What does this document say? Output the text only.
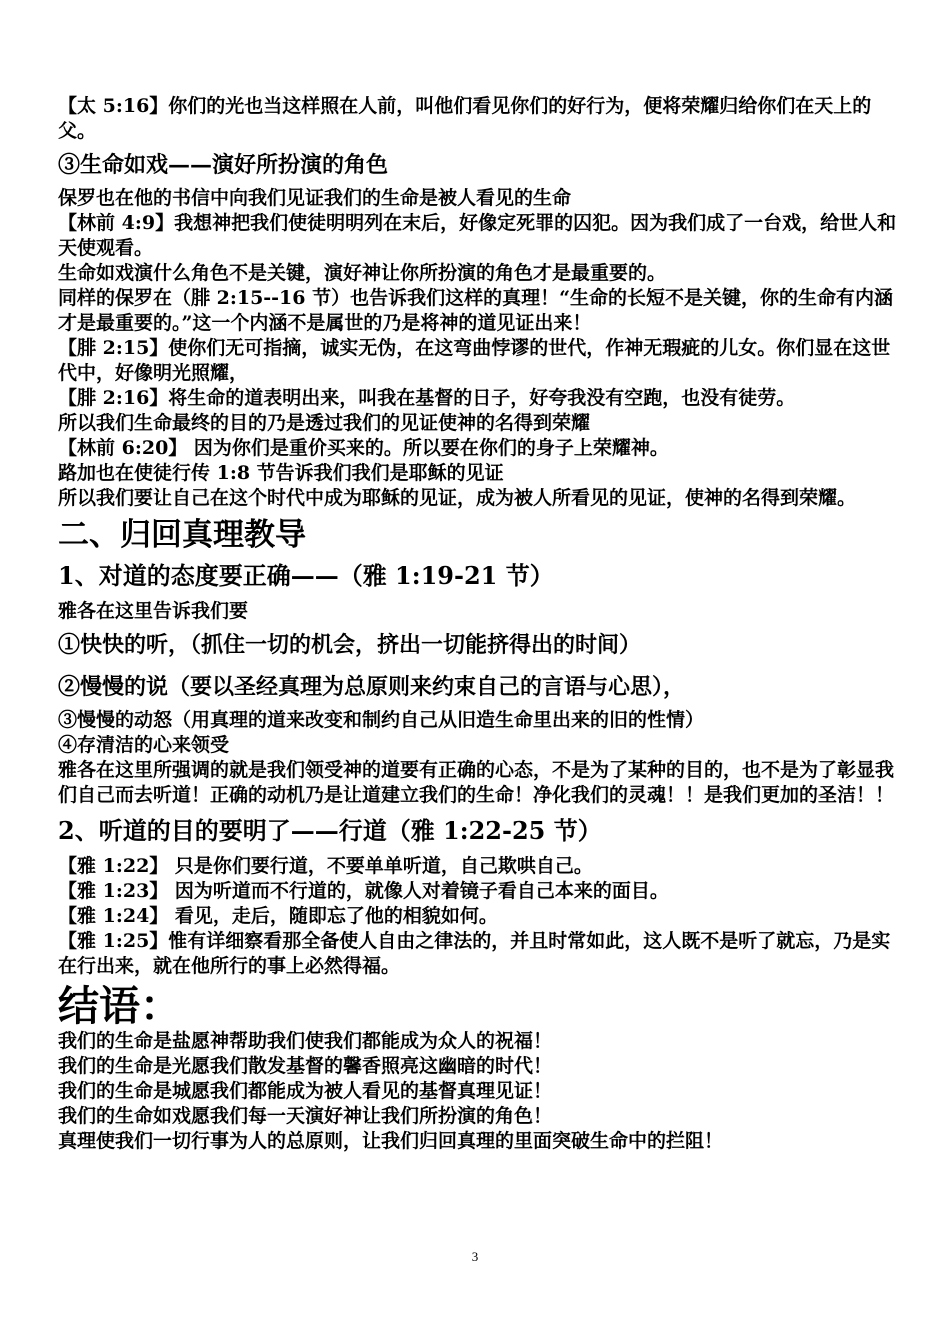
【太 5:16】你们的光也当这样照在人前，叫他们看见你们的好行为，便将荣耀归给你们在天上的父。

③生命如戏——演好所扮演的角色

保罗也在他的书信中向我们见证我们的生命是被人看见的生命

【林前 4:9】我想神把我们使徒明明列在末后，好像定死罪的囚犯。因为我们成了一台戏，给世人和天使观看。

生命如戏演什么角色不是关键，演好神让你所扮演的角色才是最重要的。

同样的保罗在（腓 2:15--16 节）也告诉我们这样的真理！“生命的长短不是关键，你的生命有内涵才是最重要的。”这一个内涵不是属世的乃是将神的道见证出来！

【腓 2:15】使你们无可指摘，诚实无伪，在这弯曲悖谬的世代，作神无瑕疵的儿女。你们显在这世代中，好像明光照耀，

【腓 2:16】将生命的道表明出来，叫我在基督的日子，好夸我没有空跑，也没有徒劳。

所以我们生命最终的目的乃是透过我们的见证使神的名得到荣耀

【林前 6:20】 因为你们是重价买来的。所以要在你们的身子上荣耀神。

路加也在使徒行传 1:8 节告诉我们我们是耶稣的见证

所以我们要让自己在这个时代中成为耶稣的见证，成为被人所看见的见证，使神的名得到荣耀。

二、归回真理教导
1、对道的态度要正确——（雅 1:19-21 节）

雅各在这里告诉我们要

①快快的听，（抓住一切的机会，挤出一切能挤得出的时间）

②慢慢的说（要以圣经真理为总原则来约束自己的言语与心思），

③慢慢的动怒（用真理的道来改变和制约自己从旧造生命里出来的旧的性情）

④存清洁的心来领受

雅各在这里所强调的就是我们领受神的道要有正确的心态，不是为了某种的目的，也不是为了彰显我们自己而去听道！正确的动机乃是让道建立我们的生命！净化我们的灵魂！！是我们更加的圣洁！！

2、听道的目的要明了——行道（雅 1:22-25 节）

【雅 1:22】 只是你们要行道，不要单单听道，自己欺哄自己。

【雅 1:23】 因为听道而不行道的，就像人对着镜子看自己本来的面目。

【雅 1:24】 看见，走后，随即忘了他的相貌如何。

【雅 1:25】惟有详细察看那全备使人自由之律法的，并且时常如此，这人既不是听了就忘，乃是实在行出来，就在他所行的事上必然得福。

结语：

我们的生命是盐愿神帮助我们使我们都能成为众人的祝福！

我们的生命是光愿我们散发基督的馨香照亮这幽暗的时代！

我们的生命是城愿我们都能成为被人看见的基督真理见证！

我们的生命如戏愿我们每一天演好神让我们所扮演的角色！

真理使我们一切行事为人的总原则，让我们归回真理的里面突破生命中的拦阻！

3
